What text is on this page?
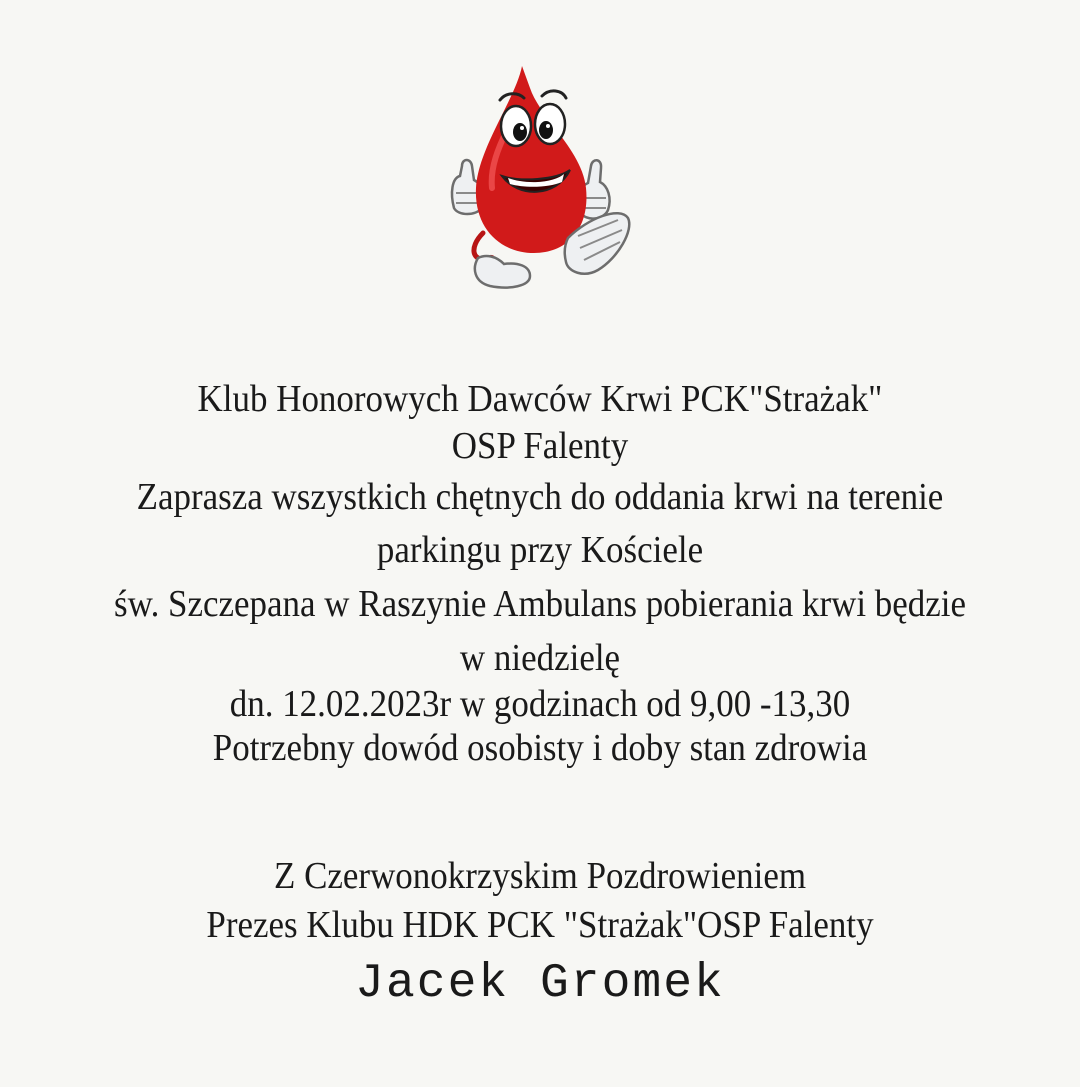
Klub Honorowych Dawców Krwi PCK"Strażak"
OSP Falenty
Zaprasza wszystkich chętnych do oddania krwi na terenie
parkingu przy Kościele
św. Szczepana w Raszynie Ambulans pobierania krwi będzie
w niedzielę
dn. 12.02.2023r w godzinach od 9,00 -13,30
Potrzebny dowód osobisty i doby stan zdrowia
Z Czerwonokrzyskim Pozdrowieniem
Prezes Klubu HDK PCK "Strażak"OSP Falenty
Jacek Gromek
